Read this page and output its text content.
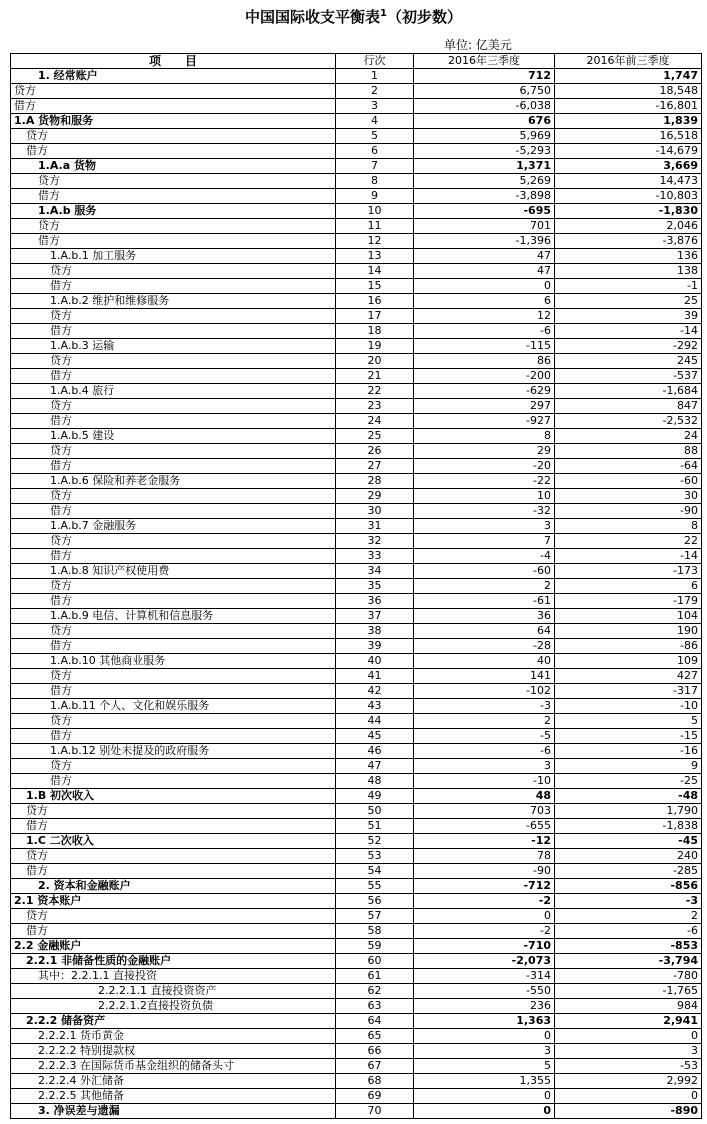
中国国际收支平衡表$^1$（初步数）
单位: 亿美元
项　　目	行次	2016年三季度	2016年前三季度
1. 经常账户	1	712	1,747
贷方	2	6,750	18,548
借方	3	-6,038	-16,801
1.A 货物和服务	4	676	1,839
贷方	5	5,969	16,518
借方	6	-5,293	-14,679
1.A.a 货物	7	1,371	3,669
贷方	8	5,269	14,473
借方	9	-3,898	-10,803
1.A.b 服务	10	-695	-1,830
贷方	11	701	2,046
借方	12	-1,396	-3,876
1.A.b.1 加工服务	13	47	136
贷方	14	47	138
借方	15	0	-1
1.A.b.2 维护和维修服务	16	6	25
贷方	17	12	39
借方	18	-6	-14
1.A.b.3 运输	19	-115	-292
贷方	20	86	245
借方	21	-200	-537
1.A.b.4 旅行	22	-629	-1,684
贷方	23	297	847
借方	24	-927	-2,532
1.A.b.5 建设	25	8	24
贷方	26	29	88
借方	27	-20	-64
1.A.b.6 保险和养老金服务	28	-22	-60
贷方	29	10	30
借方	30	-32	-90
1.A.b.7 金融服务	31	3	8
贷方	32	7	22
借方	33	-4	-14
1.A.b.8 知识产权使用费	34	-60	-173
贷方	35	2	6
借方	36	-61	-179
1.A.b.9 电信、计算机和信息服务	37	36	104
贷方	38	64	190
借方	39	-28	-86
1.A.b.10 其他商业服务	40	40	109
贷方	41	141	427
借方	42	-102	-317
1.A.b.11 个人、文化和娱乐服务	43	-3	-10
贷方	44	2	5
借方	45	-5	-15
1.A.b.12 别处未提及的政府服务	46	-6	-16
贷方	47	3	9
借方	48	-10	-25
1.B 初次收入	49	48	-48
贷方	50	703	1,790
借方	51	-655	-1,838
1.C 二次收入	52	-12	-45
贷方	53	78	240
借方	54	-90	-285
2. 资本和金融账户	55	-712	-856
2.1 资本账户	56	-2	-3
贷方	57	0	2
借方	58	-2	-6
2.2 金融账户	59	-710	-853
2.2.1 非储备性质的金融账户	60	-2,073	-3,794
其中：2.2.1.1 直接投资	61	-314	-780
2.2.2.1.1 直接投资资产	62	-550	-1,765
2.2.2.1.2直接投资负债	63	236	984
2.2.2 储备资产	64	1,363	2,941
2.2.2.1 货币黄金	65	0	0
2.2.2.2 特别提款权	66	3	3
2.2.2.3 在国际货币基金组织的储备头寸	67	5	-53
2.2.2.4 外汇储备	68	1,355	2,992
2.2.2.5 其他储备	69	0	0
3. 净误差与遗漏	70	0	-890
